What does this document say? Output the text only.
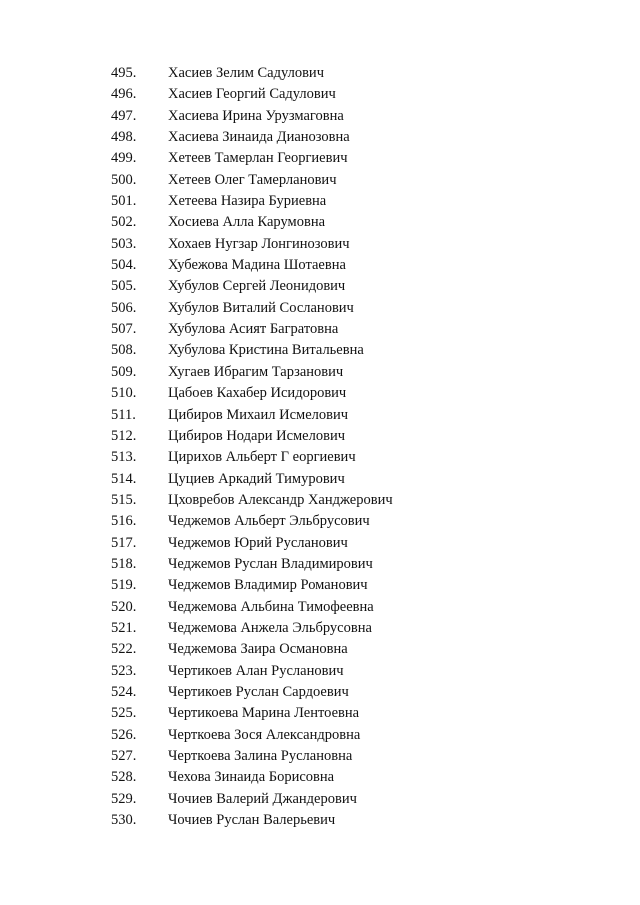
495. Хасиев Зелим Садулович
496. Хасиев Георгий Садулович
497. Хасиева Ирина Урузмаговна
498. Хасиева Зинаида Дианозовна
499. Хетеев Тамерлан Георгиевич
500. Хетеев Олег Тамерланович
501. Хетеева Назира Буриевна
502. Хосиева Алла Карумовна
503. Хохаев Нугзар Лонгинозович
504. Хубежова Мадина Шотаевна
505. Хубулов Сергей Леонидович
506. Хубулов Виталий Сосланович
507. Хубулова Асият Багратовна
508. Хубулова Кристина Витальевна
509. Хугаев Ибрагим Тарзанович
510. Цабоев Кахабер Исидорович
511. Цибиров Михаил Исмелович
512. Цибиров Нодари Исмелович
513. Цирихов Альберт Г еоргиевич
514. Цуциев Аркадий Тимурович
515. Цховребов Александр Ханджерович
516. Чеджемов Альберт Эльбрусович
517. Чеджемов Юрий Русланович
518. Чеджемов Руслан Владимирович
519. Чеджемов Владимир Романович
520. Чеджемова Альбина Тимофеевна
521. Чеджемова Анжела Эльбрусовна
522. Чеджемова Заира Османовна
523. Чертикоев Алан Русланович
524. Чертикоев Руслан Сардоевич
525. Чертикоева Марина Лентоевна
526. Черткоева Зося Александровна
527. Черткоева Залина Руслановна
528. Чехова Зинаида Борисовна
529. Чочиев Валерий Джандерович
530. Чочиев Руслан Валерьевич
